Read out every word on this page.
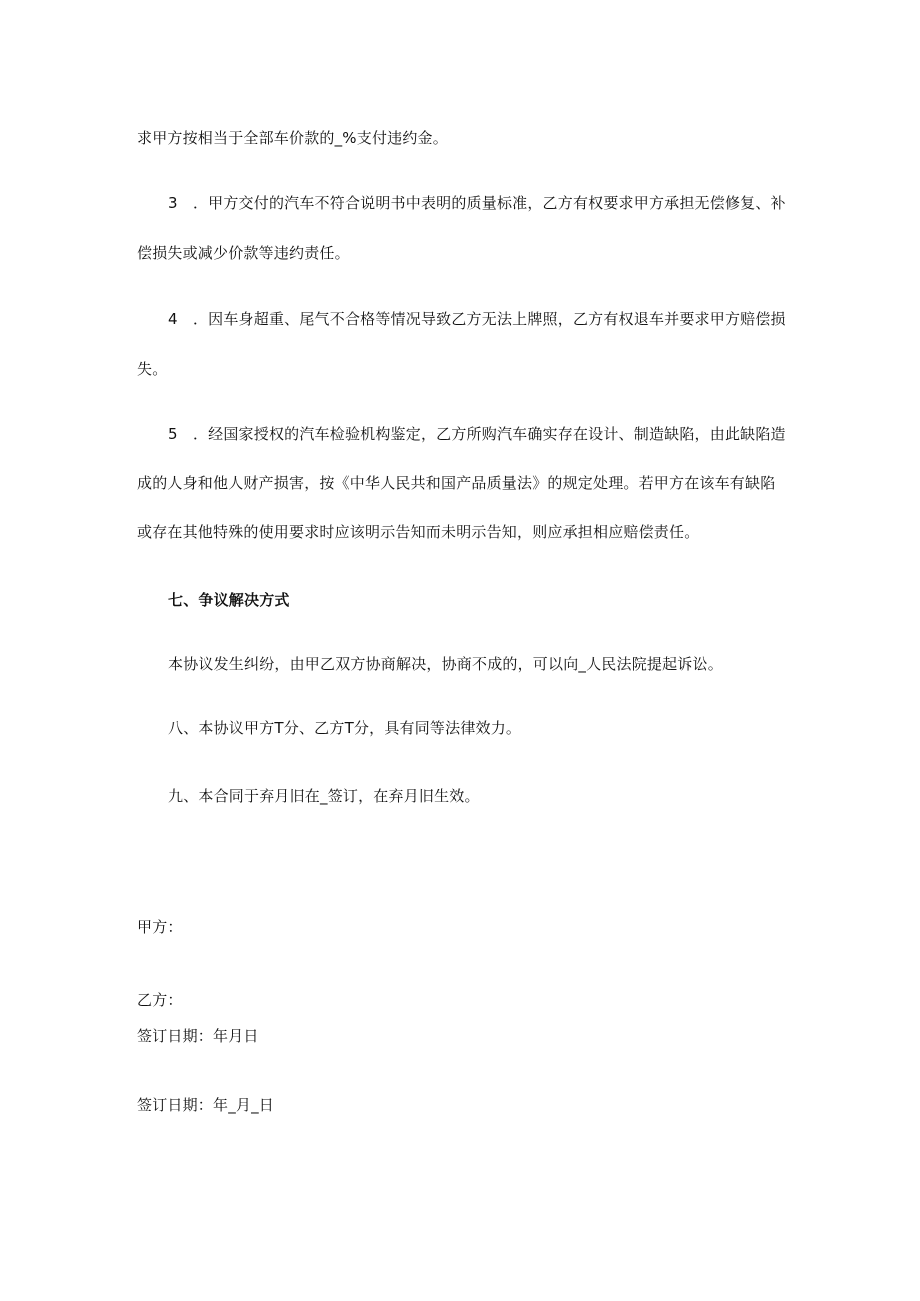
求甲方按相当于全部车价款的_%支付违约金。
3　．甲方交付的汽车不符合说明书中表明的质量标准，乙方有权要求甲方承担无偿修复、补
偿损失或减少价款等违约责任。
4　．因车身超重、尾气不合格等情况导致乙方无法上牌照，乙方有权退车并要求甲方赔偿损
失。
5　．经国家授权的汽车检验机构鉴定，乙方所购汽车确实存在设计、制造缺陷，由此缺陷造
成的人身和他人财产损害，按《中华人民共和国产品质量法》的规定处理。若甲方在该车有缺陷
或存在其他特殊的使用要求时应该明示告知而未明示告知，则应承担相应赔偿责任。
七、争议解决方式
本协议发生纠纷，由甲乙双方协商解决，协商不成的，可以向_人民法院提起诉讼。
八、本协议甲方T分、乙方T分，具有同等法律效力。
九、本合同于弃月旧在_签订，在弃月旧生效。
甲方：
乙方：
签订日期：年月日
签订日期：年_月_日
